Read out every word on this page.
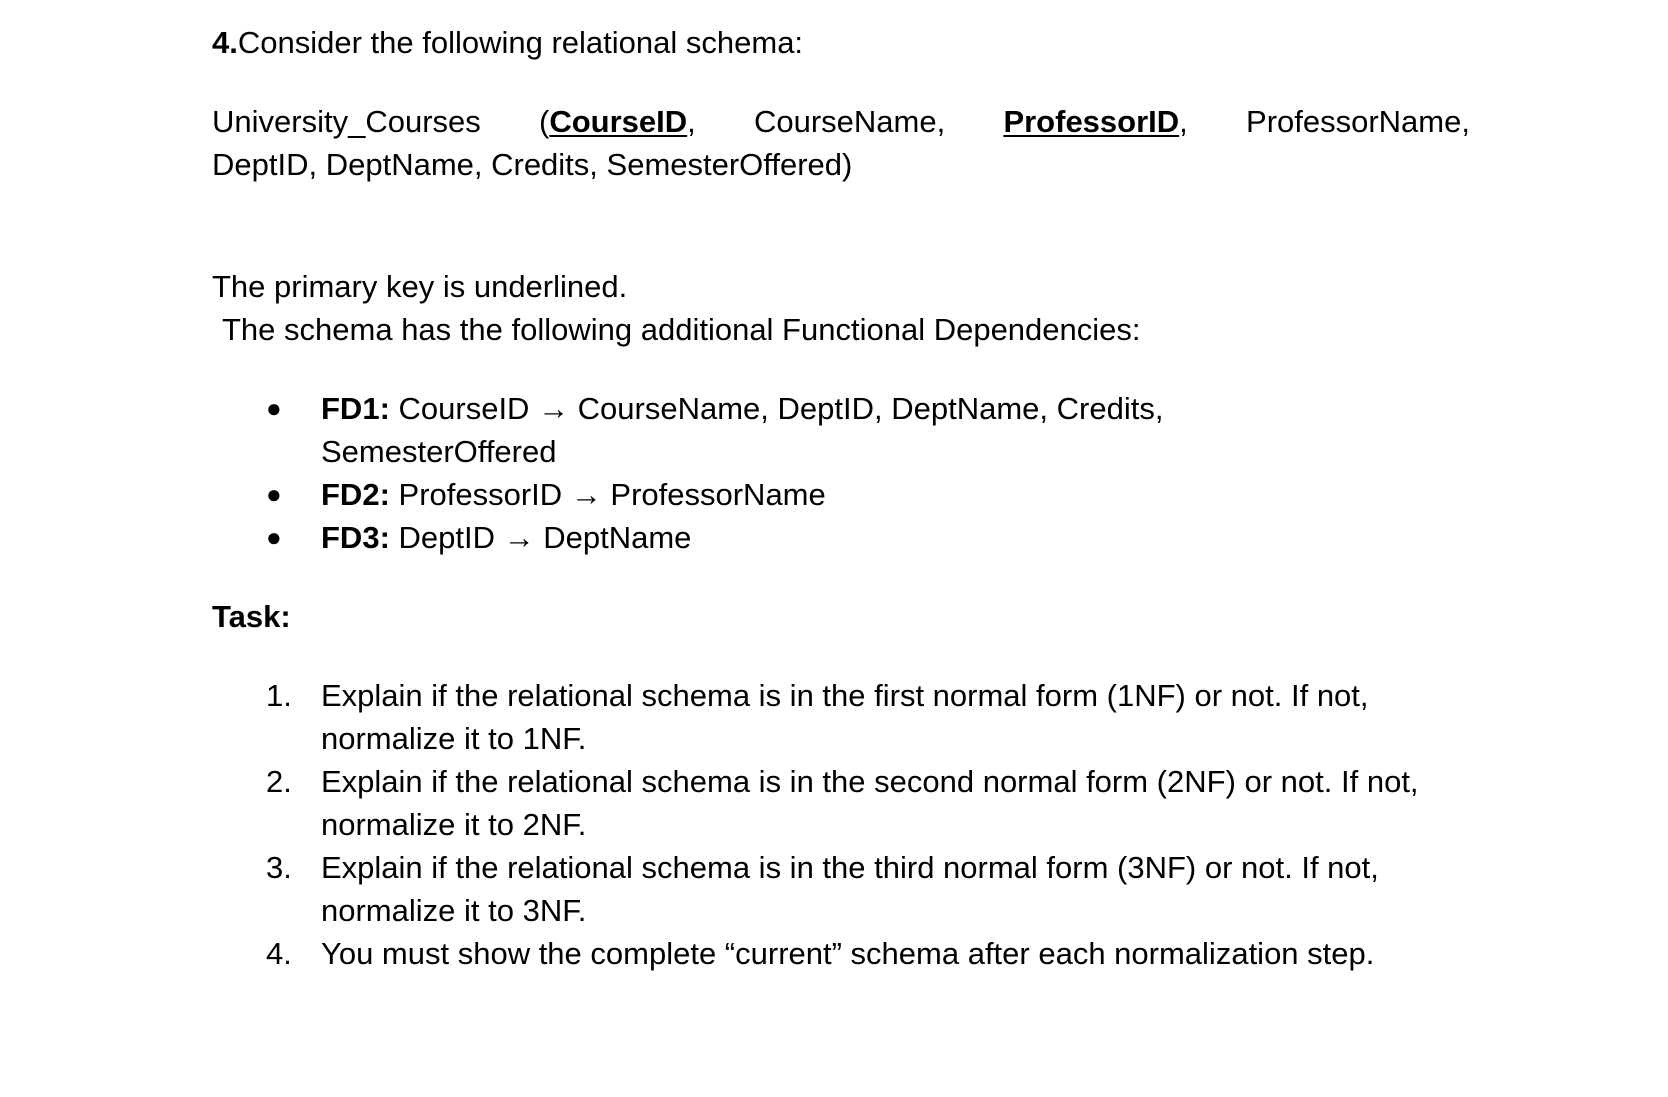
4.Consider the following relational schema:
University_Courses (CourseID, CourseName, ProfessorID, ProfessorName,
DeptID, DeptName, Credits, SemesterOffered)
The primary key is underlined.
The schema has the following additional Functional Dependencies:
● FD1: CourseID → CourseName, DeptID, DeptName, Credits, SemesterOffered
● FD2: ProfessorID → ProfessorName
● FD3: DeptID → DeptName
Task:
1. Explain if the relational schema is in the first normal form (1NF) or not. If not, normalize it to 1NF.
2. Explain if the relational schema is in the second normal form (2NF) or not. If not, normalize it to 2NF.
3. Explain if the relational schema is in the third normal form (3NF) or not. If not, normalize it to 3NF.
4. You must show the complete “current” schema after each normalization step.
